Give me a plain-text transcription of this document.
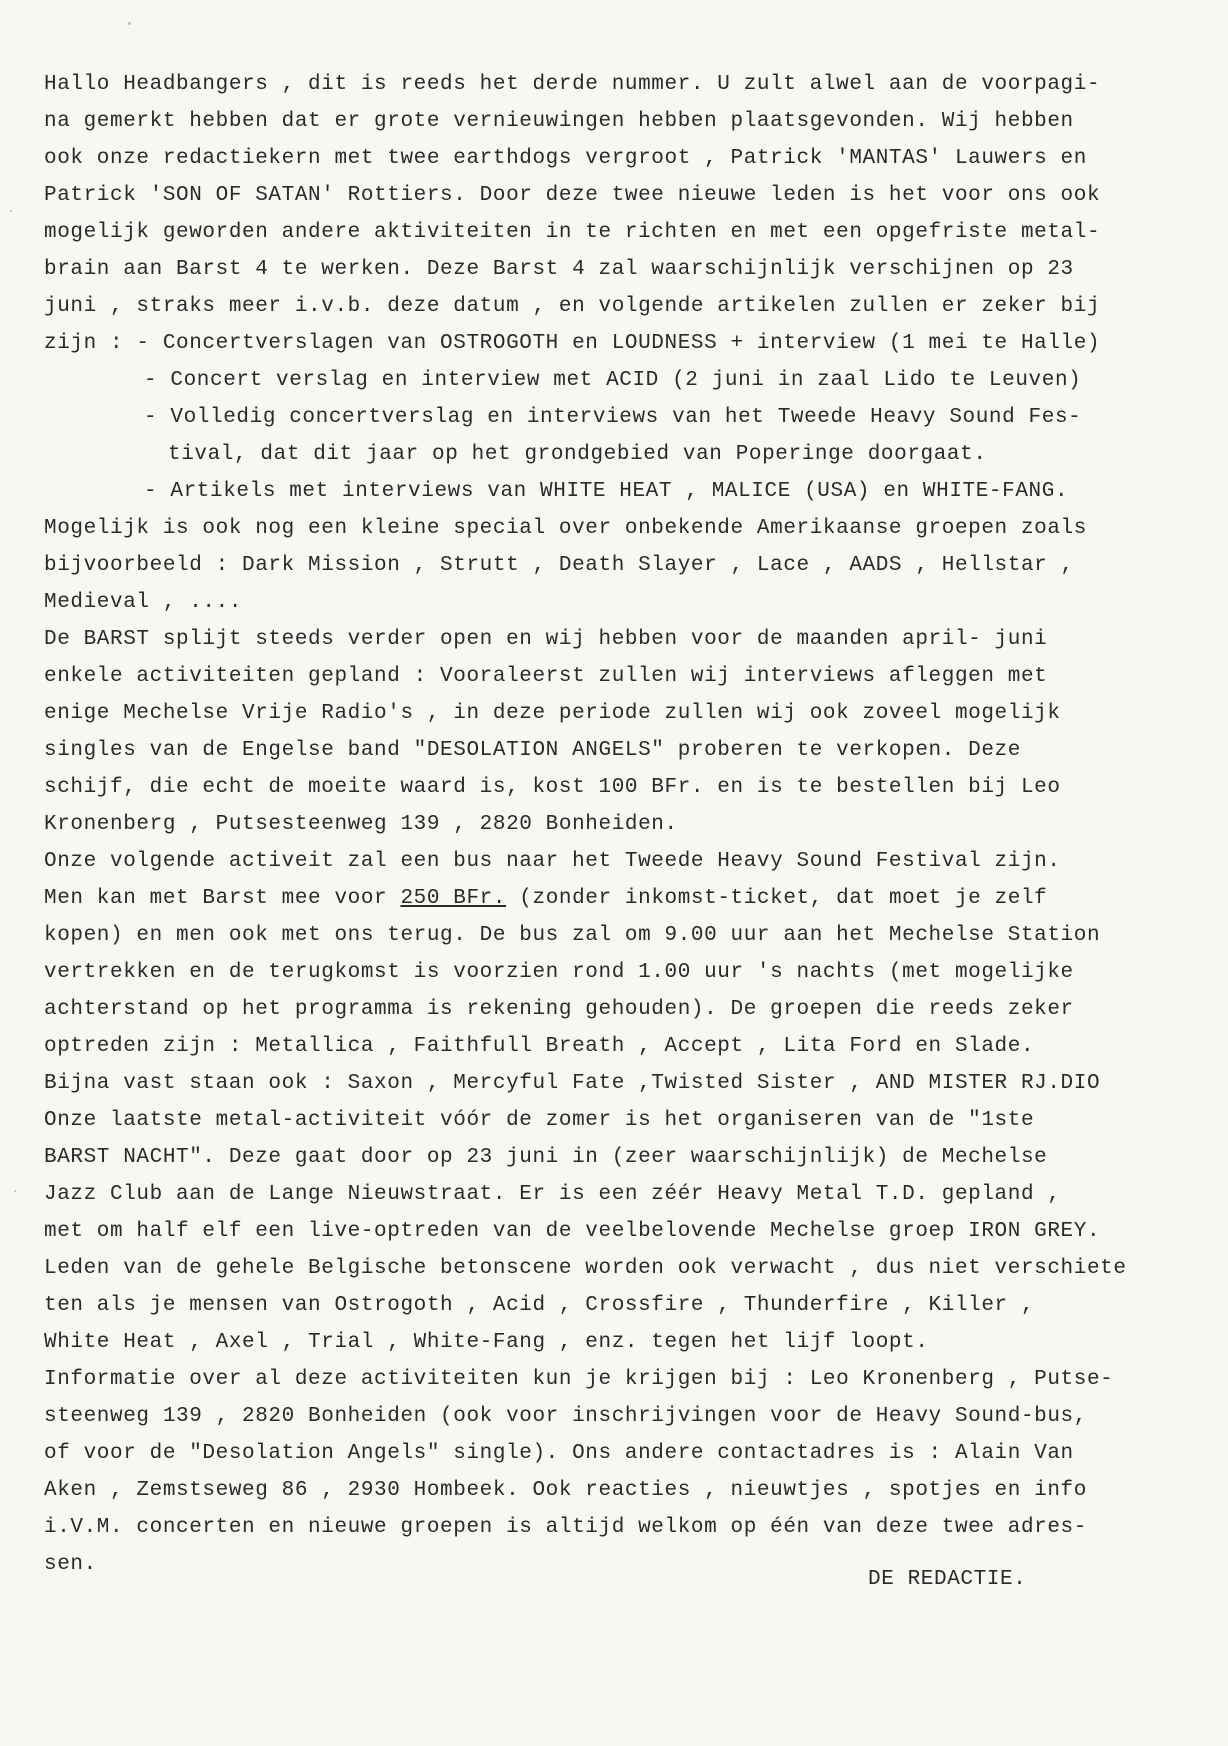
Hallo Headbangers , dit is reeds het derde nummer. U zult alwel aan de voorpagi-
na gemerkt hebben dat er grote vernieuwingen hebben plaatsgevonden. Wij hebben
ook onze redactiekern met twee earthdogs vergroot , Patrick 'MANTAS' Lauwers en
Patrick 'SON OF SATAN' Rottiers. Door deze twee nieuwe leden is het voor ons ook
mogelijk geworden andere aktiviteiten in te richten en met een opgefriste metal-
brain aan Barst 4 te werken. Deze Barst 4 zal waarschijnlijk verschijnen op 23
juni , straks meer i.v.b. deze datum , en volgende artikelen zullen er zeker bij
zijn : - Concertverslagen van OSTROGOTH en LOUDNESS + interview (1 mei te Halle)
- Concert verslag en interview met ACID (2 juni in zaal Lido te Leuven)
- Volledig concertverslag en interviews van het Tweede Heavy Sound Fes-
tival, dat dit jaar op het grondgebied van Poperinge doorgaat.
- Artikels met interviews van WHITE HEAT , MALICE (USA) en WHITE-FANG.
Mogelijk is ook nog een kleine special over onbekende Amerikaanse groepen zoals
bijvoorbeeld : Dark Mission , Strutt , Death Slayer , Lace , AADS , Hellstar ,
Medieval , ....
De BARST splijt steeds verder open en wij hebben voor de maanden april- juni
enkele activiteiten gepland : Vooraleerst zullen wij interviews afleggen met
enige Mechelse Vrije Radio's , in deze periode zullen wij ook zoveel mogelijk
singles van de Engelse band "DESOLATION ANGELS" proberen te verkopen. Deze
schijf, die echt de moeite waard is, kost 100 BFr. en is te bestellen bij Leo
Kronenberg , Putsesteenweg 139 , 2820 Bonheiden.
Onze volgende activeit zal een bus naar het Tweede Heavy Sound Festival zijn.
Men kan met Barst mee voor 250 BFr. (zonder inkomst-ticket, dat moet je zelf
kopen) en men ook met ons terug. De bus zal om 9.00 uur aan het Mechelse Station
vertrekken en de terugkomst is voorzien rond 1.00 uur 's nachts (met mogelijke
achterstand op het programma is rekening gehouden). De groepen die reeds zeker
optreden zijn : Metallica , Faithfull Breath , Accept , Lita Ford en Slade.
Bijna vast staan ook : Saxon , Mercyful Fate ,Twisted Sister , AND MISTER RJ.DIO
Onze laatste metal-activiteit vóór de zomer is het organiseren van de "1ste
BARST NACHT". Deze gaat door op 23 juni in (zeer waarschijnlijk) de Mechelse
Jazz Club aan de Lange Nieuwstraat. Er is een zéér Heavy Metal T.D. gepland ,
met om half elf een live-optreden van de veelbelovende Mechelse groep IRON GREY.
Leden van de gehele Belgische betonscene worden ook verwacht , dus niet verschiete
ten als je mensen van Ostrogoth , Acid , Crossfire , Thunderfire , Killer ,
White Heat , Axel , Trial , White-Fang , enz. tegen het lijf loopt.
Informatie over al deze activiteiten kun je krijgen bij : Leo Kronenberg , Putse-
steenweg 139 , 2820 Bonheiden (ook voor inschrijvingen voor de Heavy Sound-bus,
of voor de "Desolation Angels" single). Ons andere contactadres is : Alain Van
Aken , Zemstseweg 86 , 2930 Hombeek. Ook reacties , nieuwtjes , spotjes en info
i.V.M. concerten en nieuwe groepen is altijd welkom op één van deze twee adres-
sen.
DE REDACTIE.
